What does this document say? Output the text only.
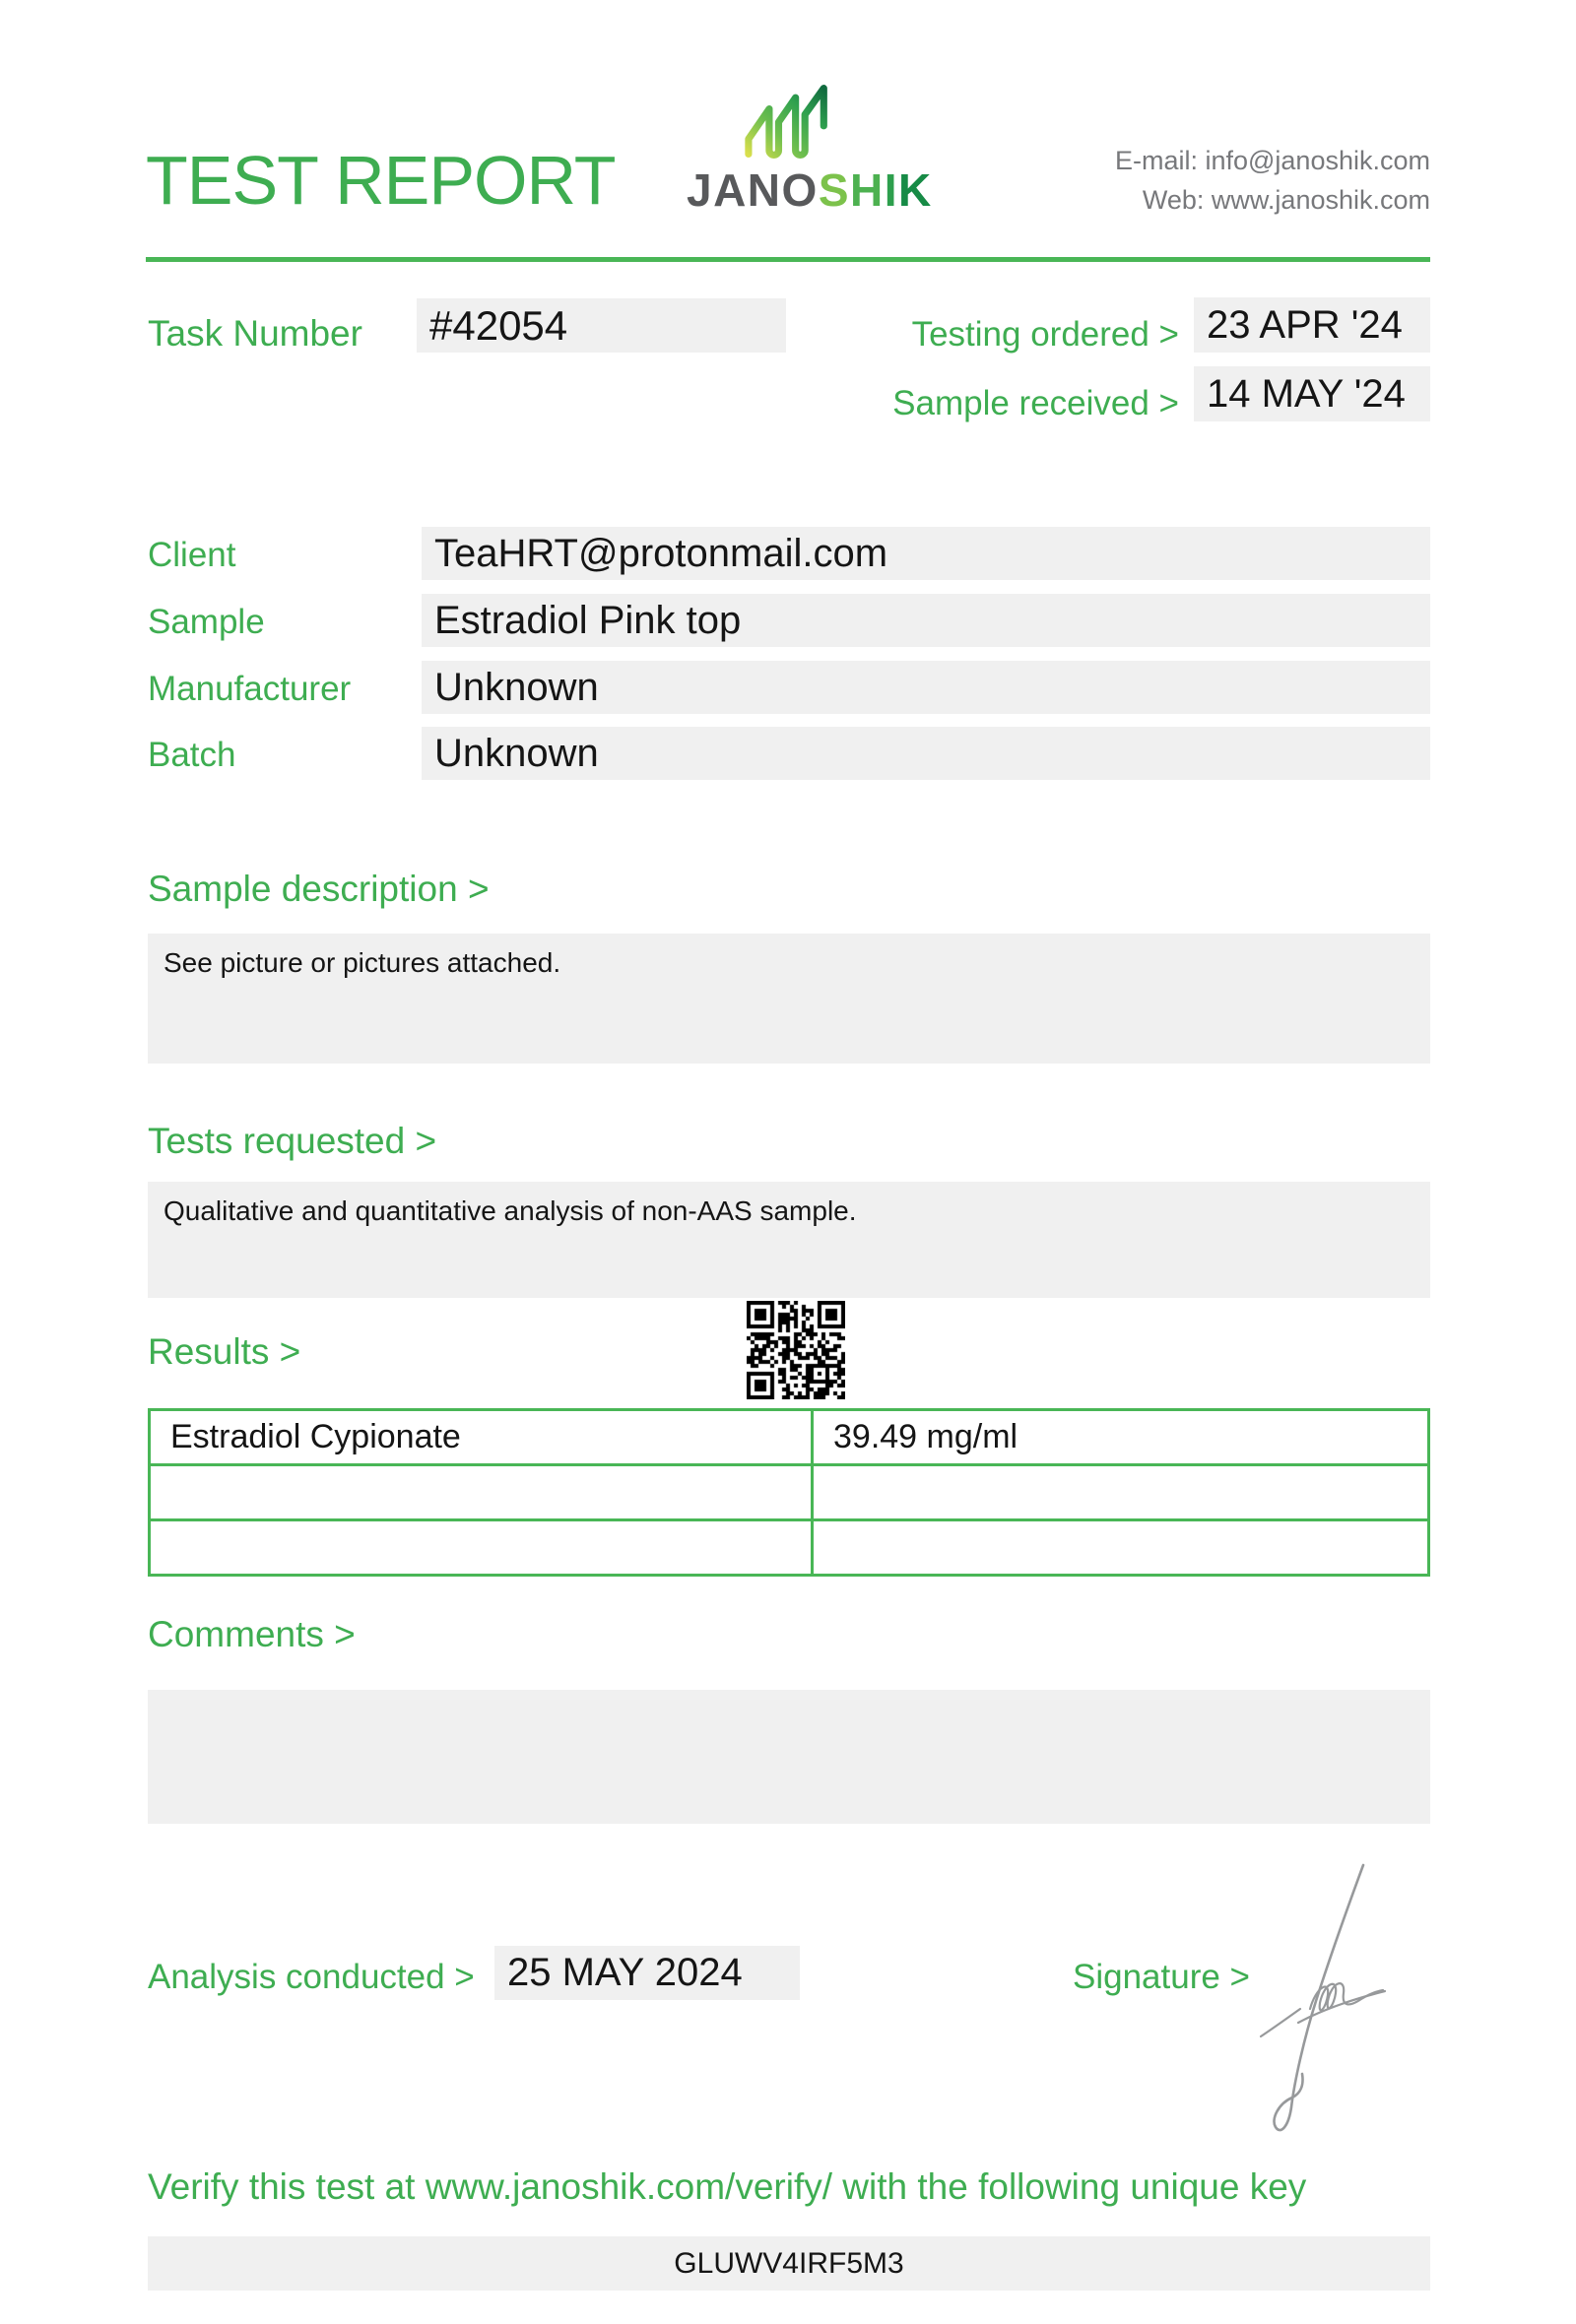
TEST REPORT JANOSHIK
E-mail: info@janoshik.com
Web: www.janoshik.com
Task Number	#42054	Testing ordered > 23 APR '24
Sample received > 14 MAY '24
Client	TeaHRT@protonmail.com
Sample	Estradiol Pink top
Manufacturer	Unknown
Batch	Unknown
Sample description >
See picture or pictures attached.
Tests requested >
Qualitative and quantitative analysis of non-AAS sample.
Results >
Estradiol Cypionate	39.49 mg/ml

Comments >
Analysis conducted > 25 MAY 2024	Signature >
Verify this test at www.janoshik.com/verify/ with the following unique key
GLUWV4IRF5M3
